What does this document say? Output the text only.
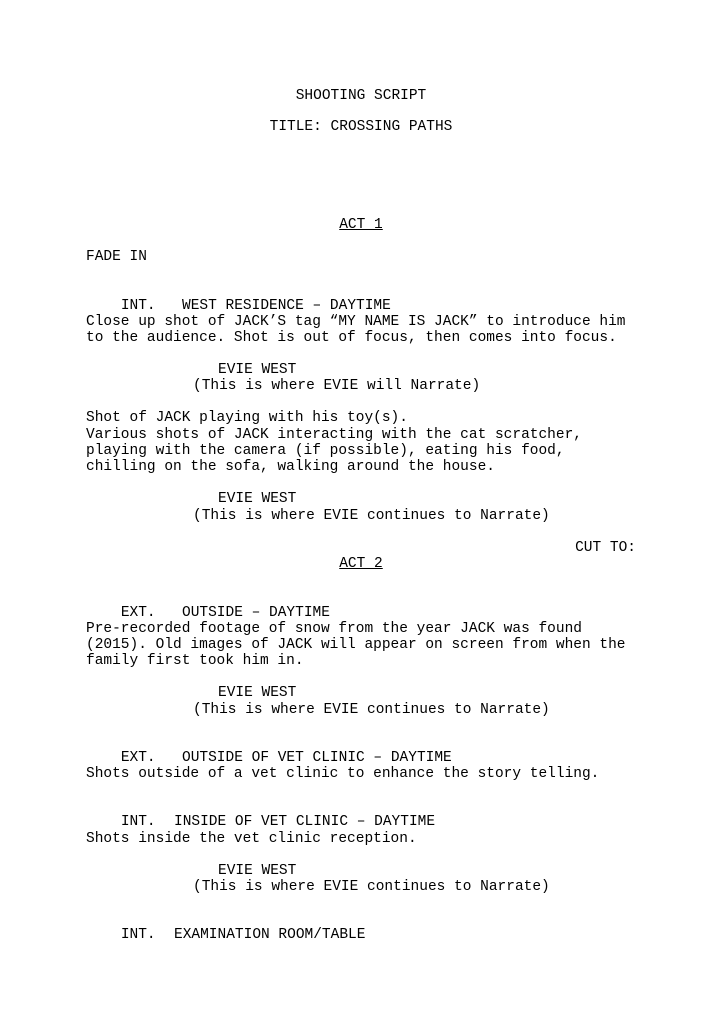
SHOOTING SCRIPT
TITLE: CROSSING PATHS
ACT 1
FADE IN

INT. WEST RESIDENCE – DAYTIME

Close up shot of JACK’S tag “MY NAME IS JACK” to introduce him
to the audience. Shot is out of focus, then comes into focus.
EVIE WEST
(This is where EVIE will Narrate)
Shot of JACK playing with his toy(s).
Various shots of JACK interacting with the cat scratcher,
playing with the camera (if possible), eating his food,
chilling on the sofa, walking around the house.
EVIE WEST
(This is where EVIE continues to Narrate)
CUT TO:
ACT 2

EXT. OUTSIDE – DAYTIME

Pre-recorded footage of snow from the year JACK was found
(2015). Old images of JACK will appear on screen from when the
family first took him in.
EVIE WEST
(This is where EVIE continues to Narrate)

EXT. OUTSIDE OF VET CLINIC – DAYTIME

Shots outside of a vet clinic to enhance the story telling.

INT. INSIDE OF VET CLINIC – DAYTIME

Shots inside the vet clinic reception.
EVIE WEST
(This is where EVIE continues to Narrate)

INT. EXAMINATION ROOM/TABLE
